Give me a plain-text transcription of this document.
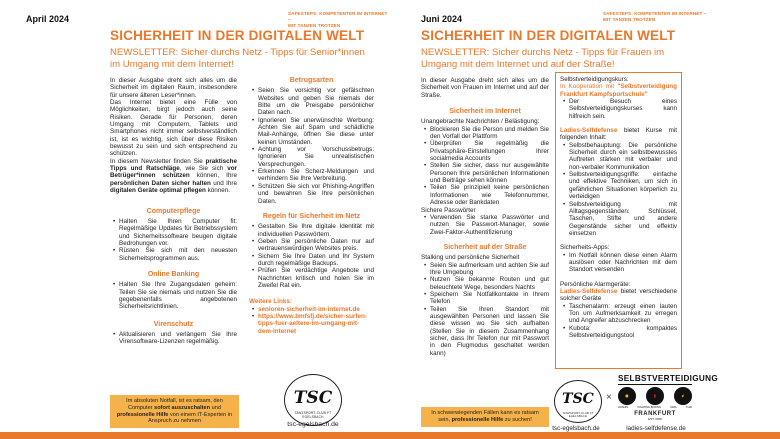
April 2024
SAFESTEPS: KOMPETENTER IM INTERNET –
MIT TANZEN TROTZEN
SICHERHEIT IN DER DIGITALEN WELT
NEWSLETTER: Sicher durchs Netz - Tipps für Senior*innen
im Umgang mit dem Internet!

In dieser Ausgabe dreht sich alles um die Sicherheit im digitalen Raum, insbesondere für unsere älteren Leser*innen.

Das Internet bietet eine Fülle von Möglichkeiten, birgt jedoch auch seine Risiken. Gerade für Personen, deren Umgang mit Computern, Tablets und Smartphones nicht immer selbstverständlich ist, ist es wichtig, sich über diese Risiken bewusst zu sein und sich entsprechend zu schützen.

In diesem Newsletter finden Sie praktische Tipps und Ratschläge, wie Sie sich vor Betrüger*innen schützen können, Ihre persönlichen Daten sicher halten und Ihre digitalen Geräte optimal pflegen können.

Computerpflege
• Halten Sie Ihren Computer fit: Regelmäßige Updates für Betriebssystem und Sicherheitssoftware beugen digitale Bedrohungen vor.
• Rüsten Sie sich mit den neuesten Sicherheitsprogrammen aus.
Online Banking
• Halten Sie Ihre Zugangsdaten geheim: Teilen Sie sie niemals und nutzen Sie die gegebenenfalls angebotenen Sicherheitsrichtlinien.
Virenschutz
• Aktualisieren und verlängern Sie Ihre Virensoftware-Lizenzen regelmäßig.
Im absoluten Notfall, ist es ratsam, den Computer sofort auszuschalten und professionelle Hilfe von einem IT-Experten in Anspruch zu nehmen
Betrugsarten
• Seien Sie vorsichtig vor gefälschten Websites und geben Sie niemals der Bitte um die Preisgabe persönlicher Daten nach.
• Ignorieren Sie unerwünschte Werbung: Achten Sie auf Spam und schädliche Mail-Anhänge, öffnen Sie diese unter keinen Umständen.
• Achtung vor Vorschussbetrugs: Ignorieren Sie unrealistischen Versprechungen.
• Erkennen Sie Scherz-Meldungen und verhindern Sie Ihre Verbreitung.
• Schützen Sie sich vor Phishing-Angriffen und bewahren Sie Ihre persönlichen Daten.
Regeln für Sicherheit im Netz
• Gestalten Sie Ihre digitale Identität mit individuellen Passwörtern.
• Geben Sie persönliche Daten nur auf vertrauenswürdigen Websites preis.
• Sichern Sie Ihre Daten und Ihr System durch regelmäßige Backups.
• Prüfen Sie verdächtige Angebote und Nachrichten kritisch und holen Sie im Zweifel Rat ein.
Weitere Links:
• senioren-sicherheit-im-internet.de
• https://www.bmfsfj.de/sicher-surfen-tipps-fuer-aeltere-im-umgang-mit-dem-internet
TSC
TANZSPORT-CLUB FT EGELSBACH
tsc-egelsbach.de
Juni 2024
SAFESTEPS: KOMPETENTER IM INTERNET –
MIT TANZEN TROTZEN
SICHERHEIT IN DER DIGITALEN WELT
NEWSLETTER: Sicher durchs Netz - Tipps für Frauen im
Umgang mit dem Internet und auf der Straße!

In dieser Ausgabe dreht sich alles um die Sicherheit von Frauen im Internet und auf der Straße.

Sicherheit im Internet

Unangebrachte Nachrichten / Belästigung:

• Blockieren Sie die Person und melden Sie den Vorfall der Plattform
• Überprüfen Sie regelmäßig die Privatsphäre-Einstellungen Ihrer socialmedia Accounts
• Stellen Sie sicher, dass nur ausgewählte Personen Ihre persönlichen Informationen und Beiträge sehen können
• Teilen Sie prinzipiell keine persönlichen Informationen wie Telefonnummer, Adresse oder Bankdaten

Sichere Passwörter

• Verwenden Sie starke Passwörter und nutzen Sie Passwort-Manager, sowie Zwei-Faktor-Authentifizierung
Sicherheit auf der Straße

Stalking und persönliche Sicherheit

• Seien Sie aufmerksam und achten Sie auf Ihre Umgebung
• Nutzen Sie bekannte Routen und gut beleuchtete Wege, besonders Nachts
• Speichern Sie Notfallkontakte in Ihrem Telefon
• Teilen Sie Ihren Standort mit ausgewählten Personen und lassen Sie diese wissen wo Sie sich aufhalten (Stellen Sie in diesem Zusammenhang sicher, dass Ihr Telefon nur mit Passwort in den Flugmodus geschaltet werden kann)
In schwerwiegenden Fällen kann es ratsam sein, professionelle Hilfe zu suchen!

Selbstverteidigungskurs:

In Kooperation mit "Selbstverteidigung Frankfurt Kampfsportschule"

• Der Besuch eines Selbstverteidigungskurses kann hilfreich sein.

Ladies-Selfdefense bietet Kurse mit folgenden Inhalt:

• Selbstbehauptung: Die persönliche Sicherheit durch ein selbstbewusstes Auftreten stärken mit verbaler und non-verbaler Kommunikation
• Selbstverteidigungsgriffe: einfache und effektive Techniken, um sich in gefährlichen Situationen körperlich zu verteidigen
• Selbstverteidigung mit Alltagsgegenständen: Schlüssel, Taschen, Stifte und andere Gegenstände sicher und effektiv einsetzen

Sicherheits-Apps:

• Im Notfall können diese einen Alarm auslösen oder Nachrichten mit dem Standort versenden

Persönliche Alarmgeräte:

Ladies-Selfdefense bietet verschiedene solcher Geräte

• Taschenalarm: erzeugt einen lauten Ton um Aufmerksamkeit zu erregen und Angreifer abzuschrecken
• Kubota: kompaktes Selbstverteidigungstool
TSC
TANZSPORT-CLUB FT EGELSBACH
×
SELBSTVERTEIDIGUNG
✊	🥊	⚡
HOSHIN	FIGHTING BOXING	MMA	THAI
FRANKFURT
EST. 2005
tsc-egelsbach.de	ladies-selfdefense.de
